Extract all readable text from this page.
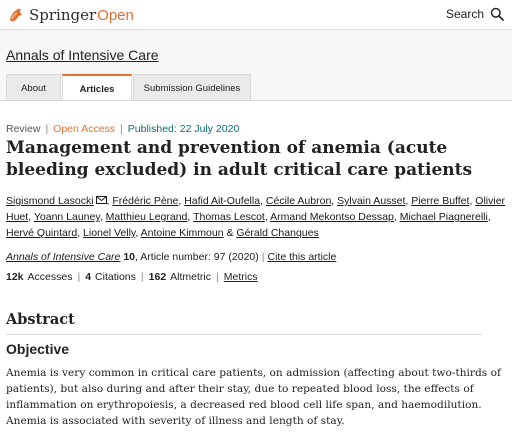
SpringerOpen	Search
Annals of Intensive Care
About	Articles	Submission Guidelines
Review | Open Access | Published: 22 July 2020
Management and prevention of anemia (acute bleeding excluded) in adult critical care patients
Sigismond Lasocki , Frédéric Pène, Hafid Ait-Oufella, Cécile Aubron, Sylvain Ausset, Pierre Buffet, Olivier Huet, Yoann Launey, Matthieu Legrand, Thomas Lescot, Armand Mekontso Dessap, Michael Piagnerelli, Hervé Quintard, Lionel Velly, Antoine Kimmoun & Gérald Chanques
Annals of Intensive Care 10, Article number: 97 (2020) | Cite this article
12k Accesses | 4 Citations | 162 Altmetric | Metrics
Abstract
Objective

Anemia is very common in critical care patients, on admission (affecting about two-thirds of patients), but also during and after their stay, due to repeated blood loss, the effects of inflammation on erythropoiesis, a decreased red blood cell life span, and haemodilution. Anemia is associated with severity of illness and length of stay.
